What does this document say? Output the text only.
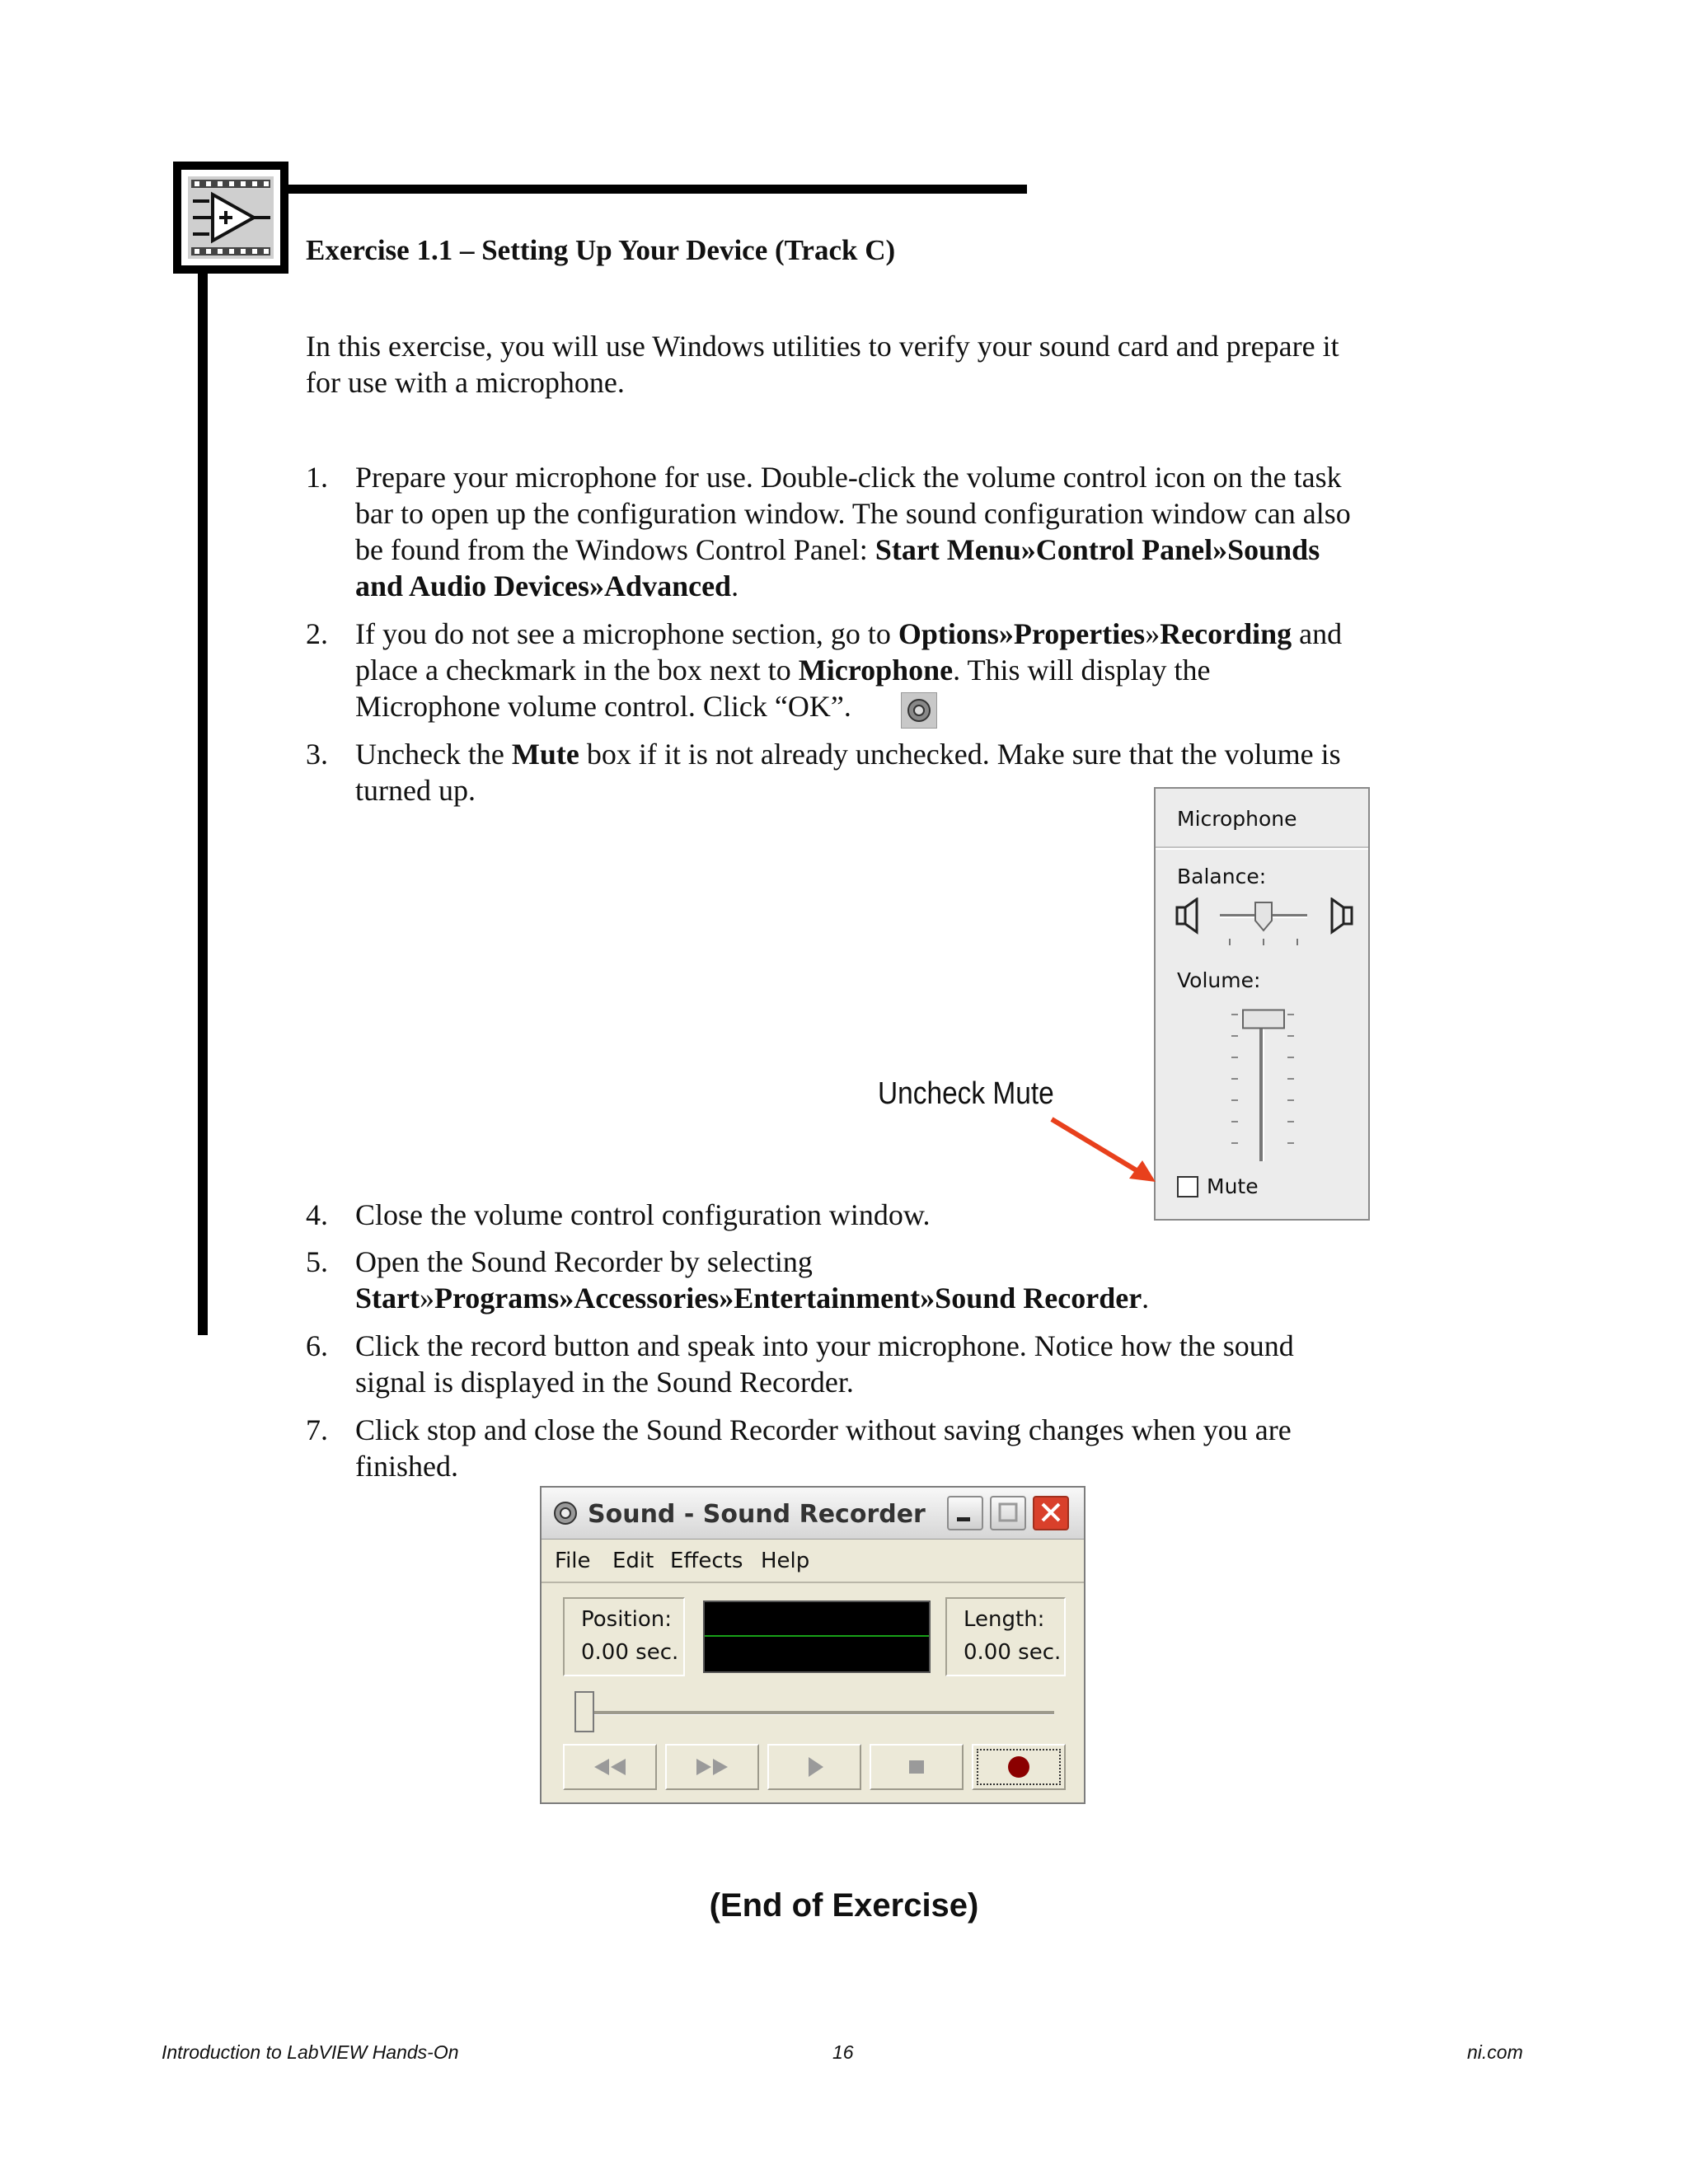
Exercise 1.1 – Setting Up Your Device (Track C)
In this exercise, you will use Windows utilities to verify your sound card and prepare it
for use with a microphone.
1. Prepare your microphone for use. Double-click the volume control icon on the task
bar to open up the configuration window. The sound configuration window can also
be found from the Windows Control Panel: Start Menu»Control Panel»Sounds
and Audio Devices»Advanced.
2. If you do not see a microphone section, go to Options»Properties»Recording and
place a checkmark in the box next to Microphone. This will display the
Microphone volume control. Click “OK”.
3. Uncheck the Mute box if it is not already unchecked. Make sure that the volume is
turned up.
Microphone
Balance:
Volume:
Mute
Uncheck Mute
4. Close the volume control configuration window.
5. Open the Sound Recorder by selecting
Start»Programs»Accessories»Entertainment»Sound Recorder.
6. Click the record button and speak into your microphone. Notice how the sound
signal is displayed in the Sound Recorder.
7. Click stop and close the Sound Recorder without saving changes when you are
finished.
Sound - Sound Recorder
File Edit Effects Help
Position:
0.00 sec.
Length:
0.00 sec.
(End of Exercise)
Introduction to LabVIEW Hands-On	16	ni.com
